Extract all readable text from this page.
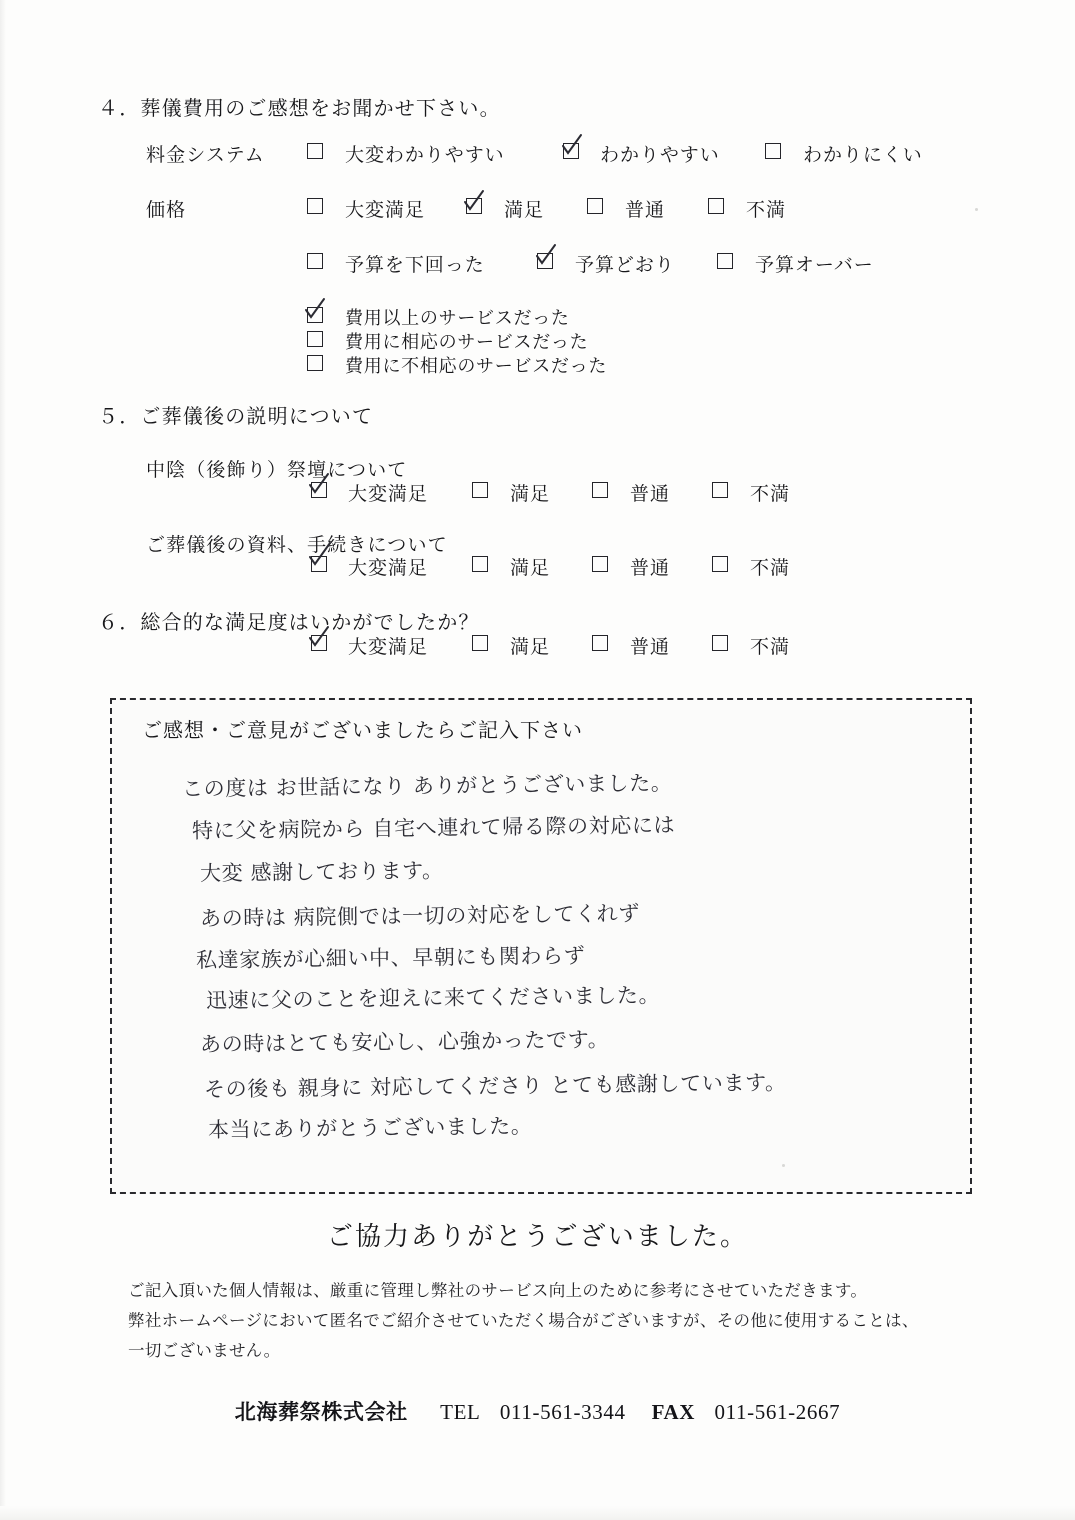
４．葬儀費用のご感想をお聞かせ下さい。
料金システム	大変わかりやすい	わかりやすい	わかりにくい
価格	大変満足	満足	普通	不満
予算を下回った	予算どおり	予算オーバー
費用以上のサービスだった
費用に相応のサービスだった
費用に不相応のサービスだった
５．ご葬儀後の説明について
中陰（後飾り）祭壇について
大変満足	満足	普通	不満
ご葬儀後の資料、手続きについて
大変満足	満足	普通	不満
６．総合的な満足度はいかがでしたか？
大変満足	満足	普通	不満
ご感想・ご意見がございましたらご記入下さい
この度は お世話になり ありがとうございました。
特に父を病院から 自宅へ連れて帰る際の対応には
大変 感謝しております。
あの時は 病院側では一切の対応をしてくれず
私達家族が心細い中、早朝にも関わらず
迅速に父のことを迎えに来てくださいました。
あの時はとても安心し、心強かったです。
その後も 親身に 対応してくださり とても感謝しています。
本当にありがとうございました。
ご協力ありがとうございました。
ご記入頂いた個人情報は、厳重に管理し弊社のサービス向上のために参考にさせていただきます。
弊社ホームページにおいて匿名でご紹介させていただく場合がございますが、その他に使用することは、
一切ございません。
北海葬祭株式会社 TEL 011-561-3344 FAX 011-561-2667
